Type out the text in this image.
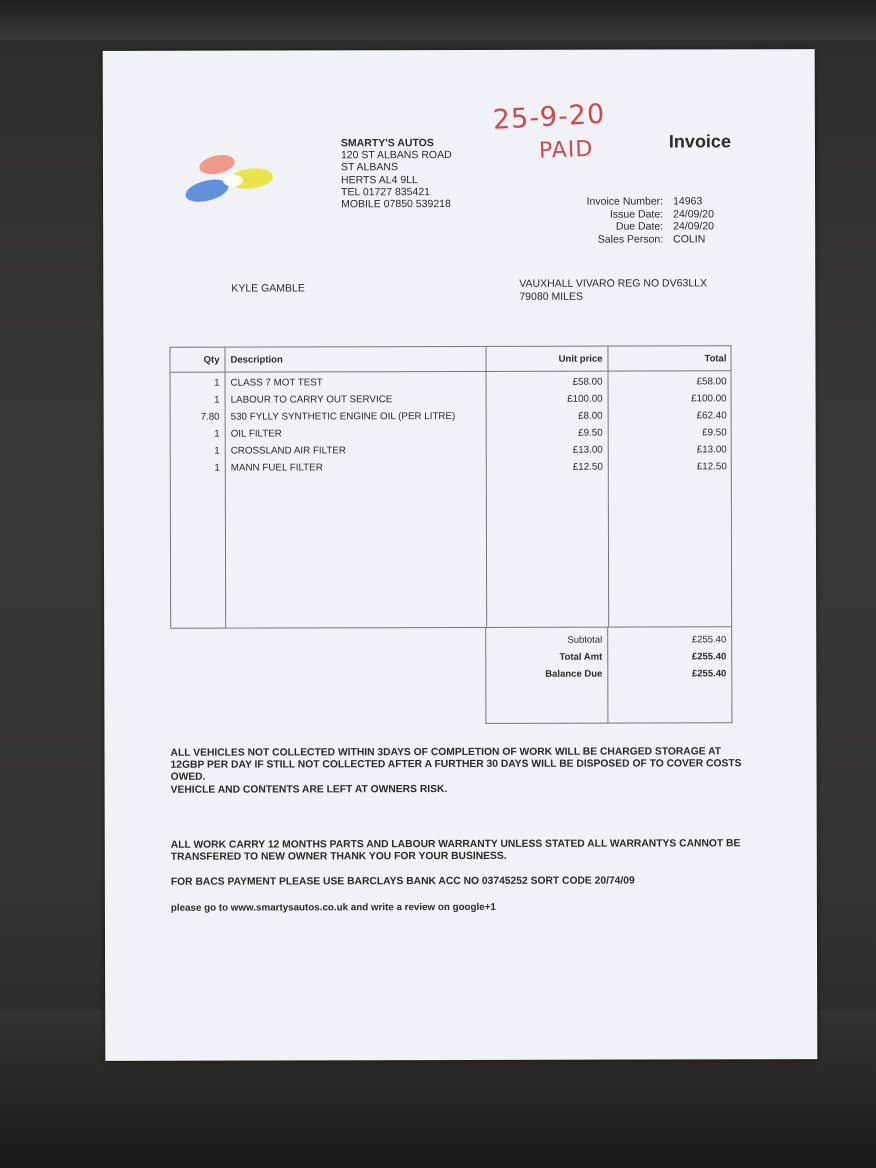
SMARTY'S AUTOS
120 ST ALBANS ROAD
ST ALBANS
HERTS AL4 9LL
TEL 01727 835421
MOBILE 07850 539218
25-9-20
PAID	Invoice
Invoice Number: 14963
Issue Date: 24/09/20
Due Date: 24/09/20
Sales Person: COLIN
KYLE GAMBLE	VAUXHALL VIVARO REG NO DV63LLX
79080 MILES
Qty Description	Unit price	Total
1 CLASS 7 MOT TEST	£58.00	£58.00
1 LABOUR TO CARRY OUT SERVICE	£100.00	£100.00
7.80 530 FYLLY SYNTHETIC ENGINE OIL (PER LITRE)	£8.00	£62.40
1 OIL FILTER	£9.50	£9.50
1 CROSSLAND AIR FILTER	£13.00	£13.00
1 MANN FUEL FILTER	£12.50	£12.50
Subtotal	£255.40
Total Amt	£255.40
Balance Due	£255.40
ALL VEHICLES NOT COLLECTED WITHIN 3DAYS OF COMPLETION OF WORK WILL BE CHARGED STORAGE AT 12GBP PER DAY IF STILL NOT COLLECTED AFTER A FURTHER 30 DAYS WILL BE DISPOSED OF TO COVER COSTS OWED.
VEHICLE AND CONTENTS ARE LEFT AT OWNERS RISK.
ALL WORK CARRY 12 MONTHS PARTS AND LABOUR WARRANTY UNLESS STATED ALL WARRANTYS CANNOT BE TRANSFERED TO NEW OWNER THANK YOU FOR YOUR BUSINESS.
FOR BACS PAYMENT PLEASE USE BARCLAYS BANK ACC NO 03745252 SORT CODE 20/74/09
please go to www.smartysautos.co.uk and write a review on google+1
